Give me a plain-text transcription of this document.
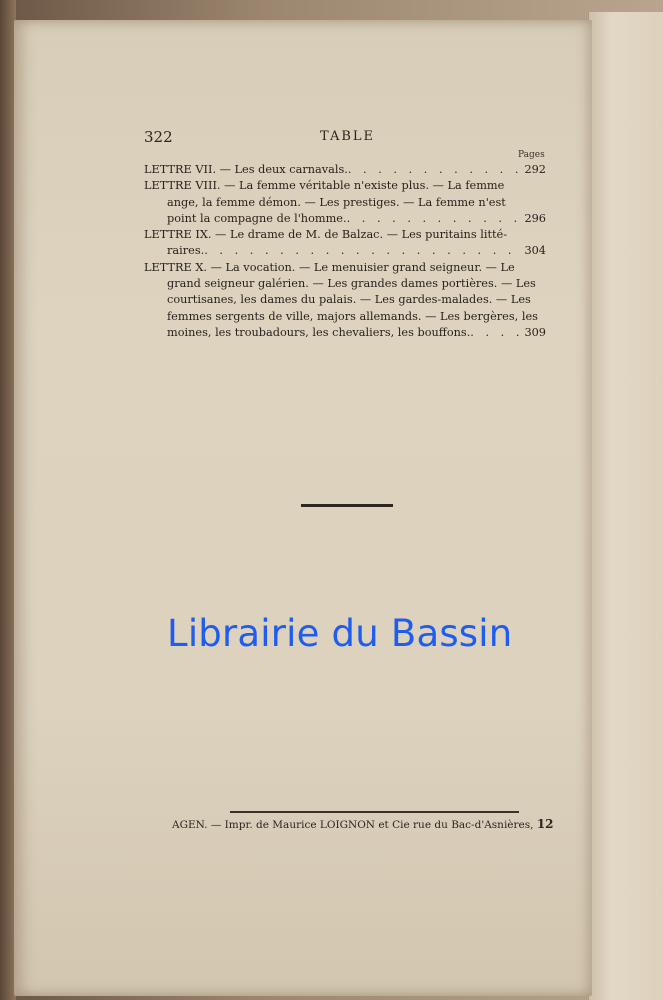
322	TABLE
Pages
LETTRE VII. — Les deux carnavals. . . .	292
LETTRE VIII. — La femme véritable n'existe plus. — La femme
ange, la femme démon. — Les prestiges. — La femme n'est
point la compagne de l'homme. . . .	296
LETTRE IX. — Le drame de M. de Balzac. — Les puritains litté-
raires. . . .	304
LETTRE X. — La vocation. — Le menuisier grand seigneur. — Le
grand seigneur galérien. — Les grandes dames portières. — Les
courtisanes, les dames du palais. — Les gardes-malades. — Les
femmes sergents de ville, majors allemands. — Les bergères, les
moines, les troubadours, les chevaliers, les bouffons. . . .	309
Librairie du Bassin
AGEN. — Impr. de Maurice LOIGNON et Cie rue du Bac-d'Asnières, 12
